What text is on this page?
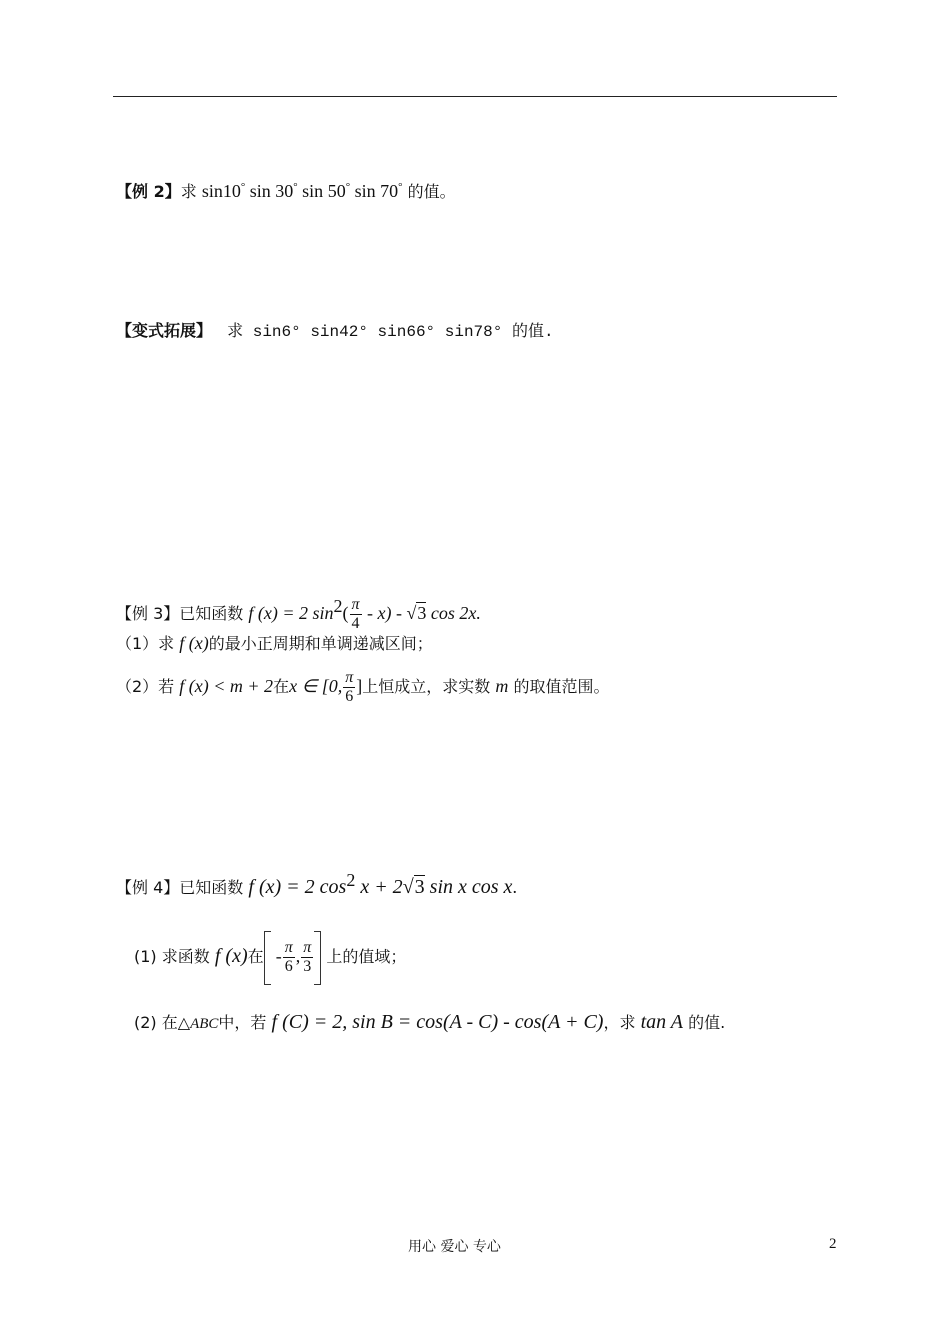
【例 2】求 sin10° sin 30° sin 50° sin 70° 的值。
【变式拓展】 求 sin6° sin42° sin66° sin78° 的值.
【例 3】已知函数 f (x) = 2 $\sin^2( \frac{\pi}{4} - x) - √3$ cos 2x.
（1）求 f (x)的最小正周期和单调递减区间；
（2）若 f (x) < m + 2在x ∈ [0, $\frac{\pi}{6}$ ]上恒成立，求实数 m 的取值范围。
【例 4】已知函数 f (x) = 2 $\cos^2 x + 2√3$ sin x cos x.
(1) 求函数 f (x)在 - $\frac{\pi}{6}$ , $\frac{\pi}{3}$ 上的值域；
(2) 在△ABC中，若 f (C) = 2, sin B = cos(A - C) - cos(A + C)，求 tan A 的值.
用心 爱心 专心	2
